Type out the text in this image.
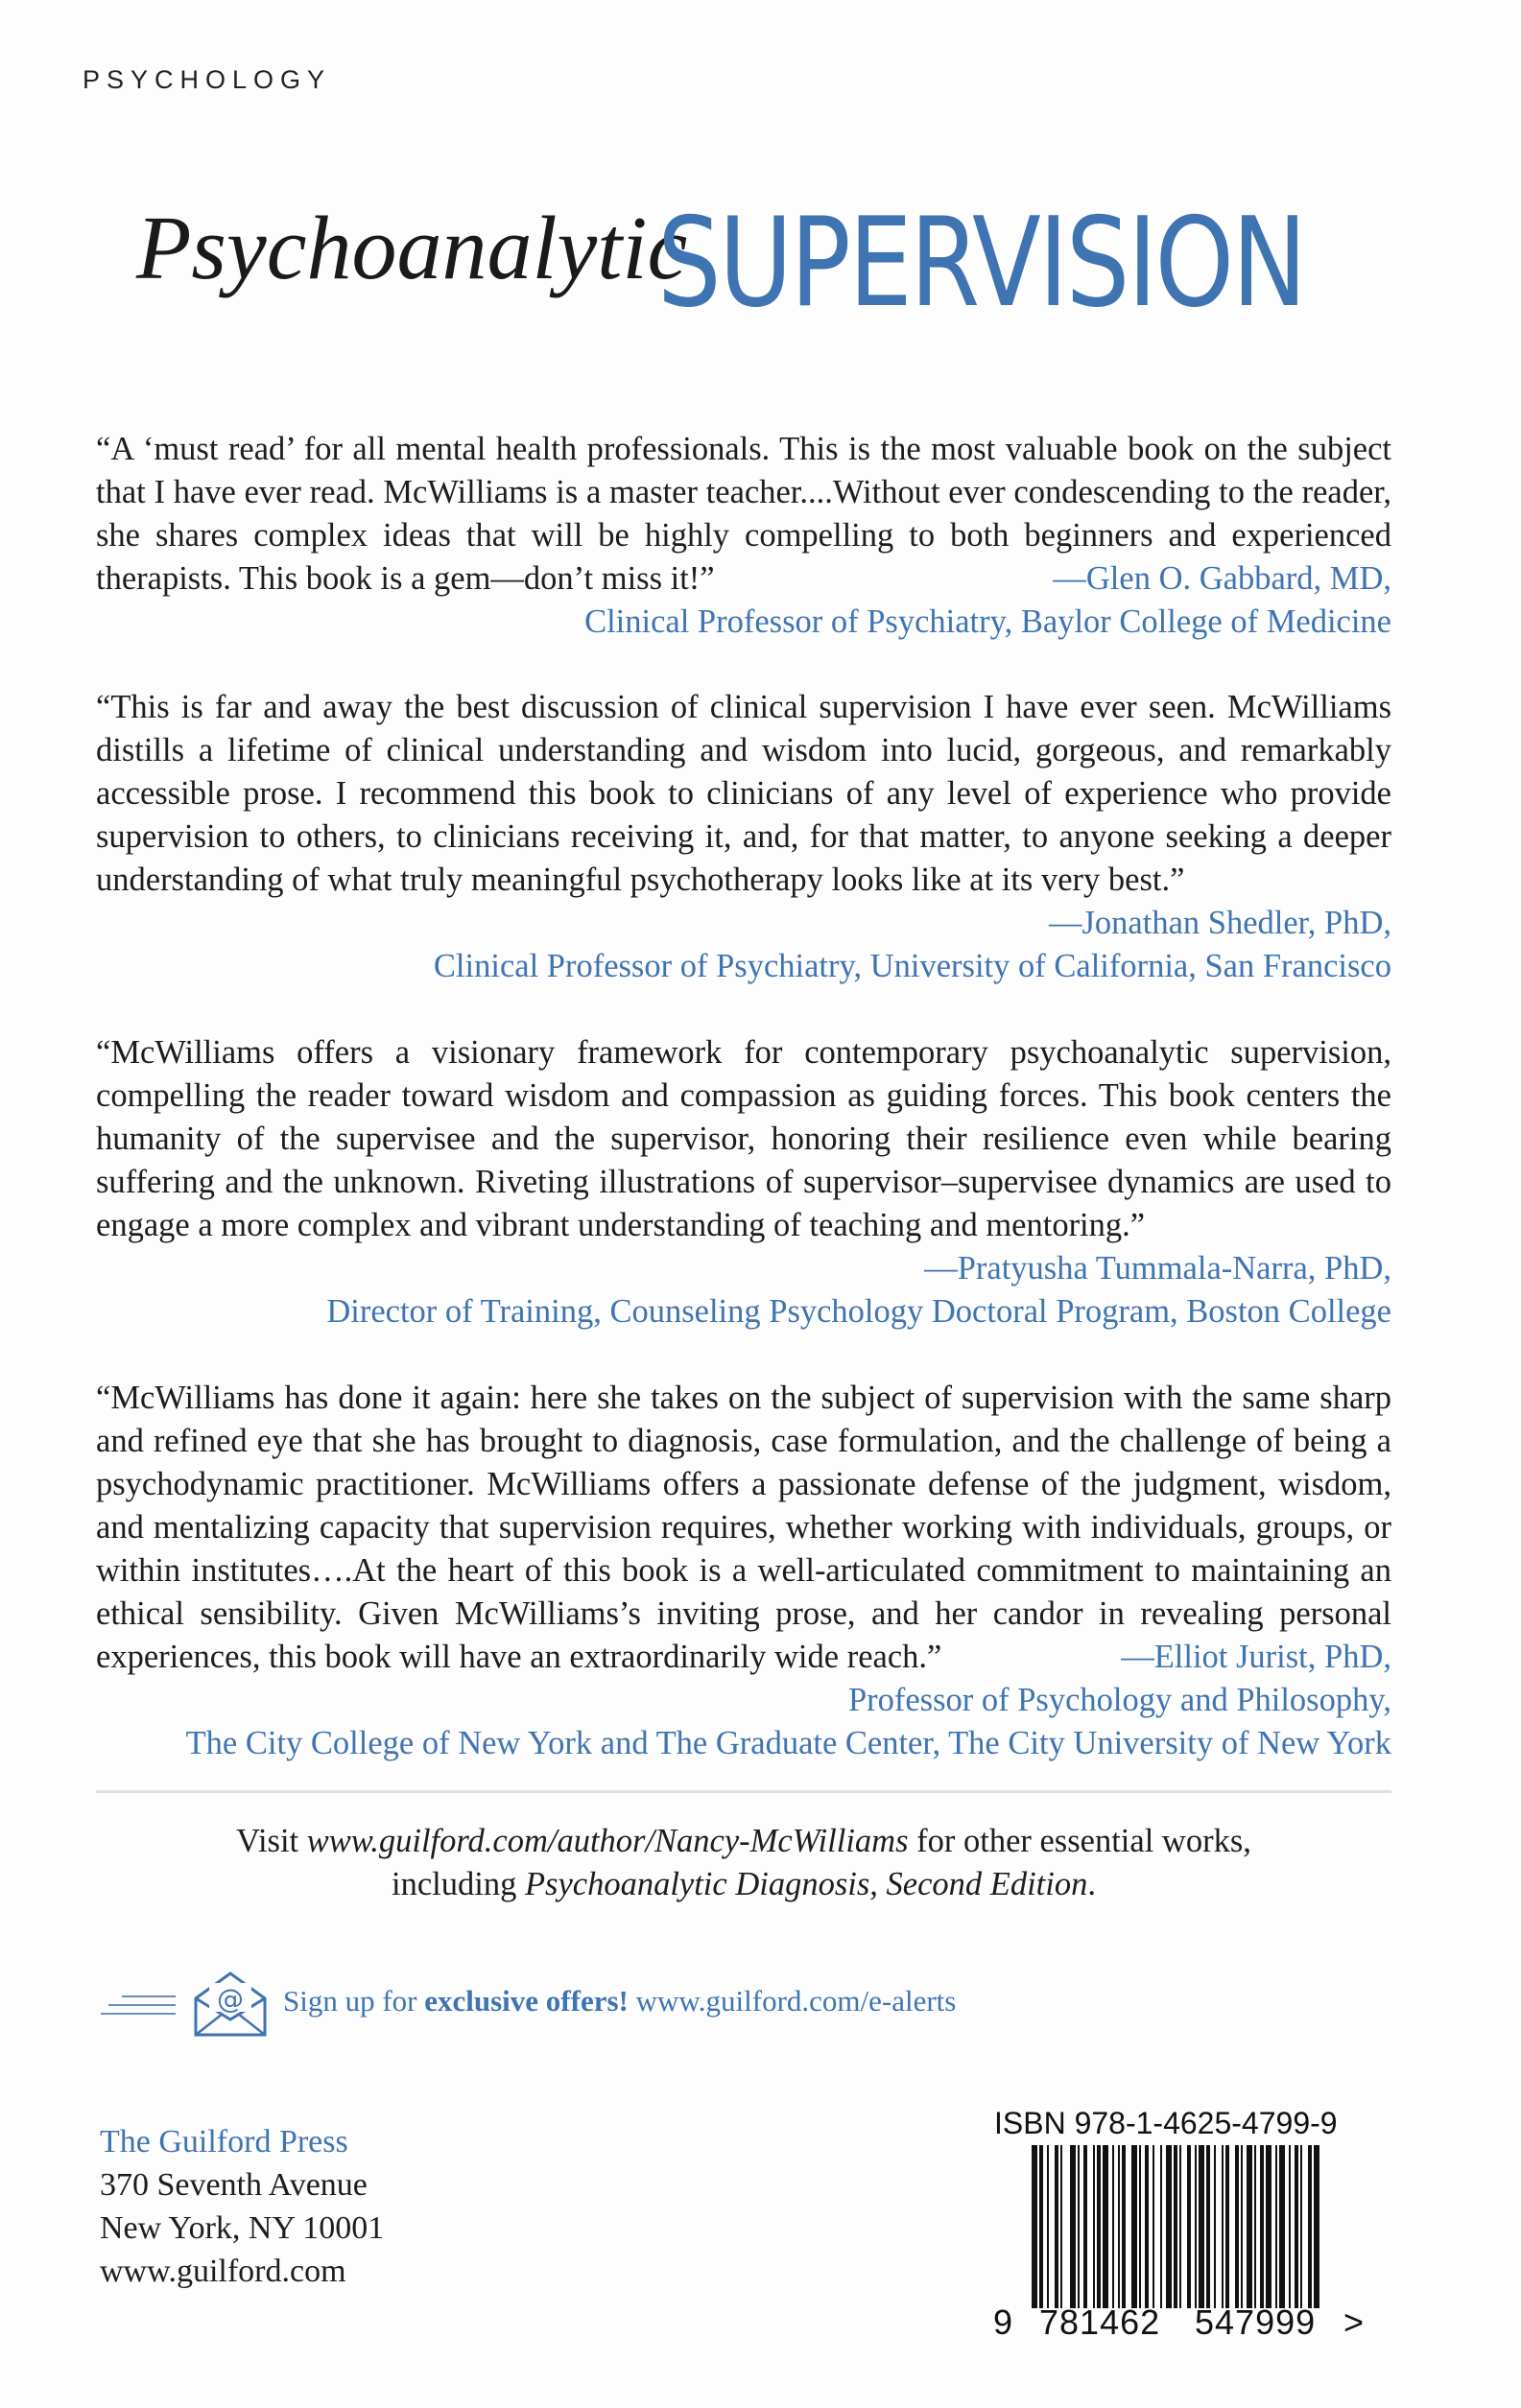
PSYCHOLOGY
Psychoanalytic
SUPERVISION
“A ‘must read’ for all mental health professionals. This is the most valuable book on the subject that I have ever read. McWilliams is a master teacher....Without ever condescending to the reader, she shares complex ideas that will be highly compelling to both beginners and experienced therapists. This book is a gem—don’t miss it!”	—Glen O. Gabbard, MD,
Clinical Professor of Psychiatry, Baylor College of Medicine
“This is far and away the best discussion of clinical supervision I have ever seen. McWilliams distills a lifetime of clinical understanding and wisdom into lucid, gorgeous, and remarkably accessible prose. I recommend this book to clinicians of any level of experience who provide supervision to others, to clinicians receiving it, and, for that matter, to anyone seeking a deeper understanding of what truly meaningful psychotherapy looks like at its very best.”
—Jonathan Shedler, PhD,
Clinical Professor of Psychiatry, University of California, San Francisco
“McWilliams offers a visionary framework for contemporary psychoanalytic supervision, compelling the reader toward wisdom and compassion as guiding forces. This book centers the humanity of the supervisee and the supervisor, honoring their resilience even while bearing suffering and the unknown. Riveting illustrations of supervisor–supervisee dynamics are used to engage a more complex and vibrant understanding of teaching and mentoring.”
—Pratyusha Tummala-Narra, PhD,
Director of Training, Counseling Psychology Doctoral Program, Boston College
“McWilliams has done it again: here she takes on the subject of supervision with the same sharp and refined eye that she has brought to diagnosis, case formulation, and the challenge of being a psychodynamic practitioner. McWilliams offers a passionate defense of the judgment, wisdom, and mentalizing capacity that supervision requires, whether working with individuals, groups, or within institutes….At the heart of this book is a well-articulated commitment to maintaining an ethical sensibility. Given McWilliams’s inviting prose, and her candor in revealing personal experiences, this book will have an extraordinarily wide reach.”	—Elliot Jurist, PhD,
Professor of Psychology and Philosophy,
The City College of New York and The Graduate Center, The City University of New York
Visit www.guilford.com/author/Nancy-McWilliams for other essential works,
including Psychoanalytic Diagnosis, Second Edition.
@ Sign up for exclusive offers! www.guilford.com/e-alerts
The Guilford Press
370 Seventh Avenue
New York, NY 10001
www.guilford.com
ISBN 978-1-4625-4799-9
9 781462 547999 >
